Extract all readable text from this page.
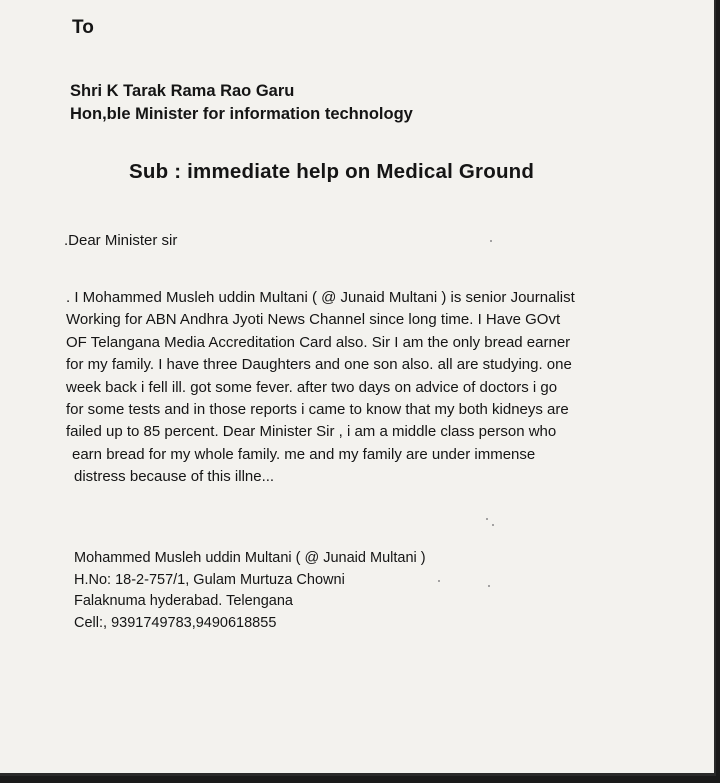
To
Shri K Tarak Rama Rao Garu
Hon,ble Minister for information technology
Sub : immediate help on Medical Ground
.Dear Minister sir
. I Mohammed Musleh uddin Multani ( @ Junaid Multani ) is senior Journalist
Working for ABN Andhra Jyoti News Channel since long time. I Have GOvt
OF Telangana Media Accreditation Card also. Sir I am the only bread earner
for my family. I have three Daughters and one son also. all are studying. one
week back i fell ill. got some fever. after two days on advice of doctors i go
for some tests and in those reports i came to know that my both kidneys are
failed up to 85 percent. Dear Minister Sir , i am a middle class person who
earn bread for my whole family. me and my family are under immense
distress because of this illne...
Mohammed Musleh uddin Multani ( @ Junaid Multani )
H.No: 18-2-757/1, Gulam Murtuza Chowni
Falaknuma hyderabad. Telengana
Cell:, 9391749783,9490618855
